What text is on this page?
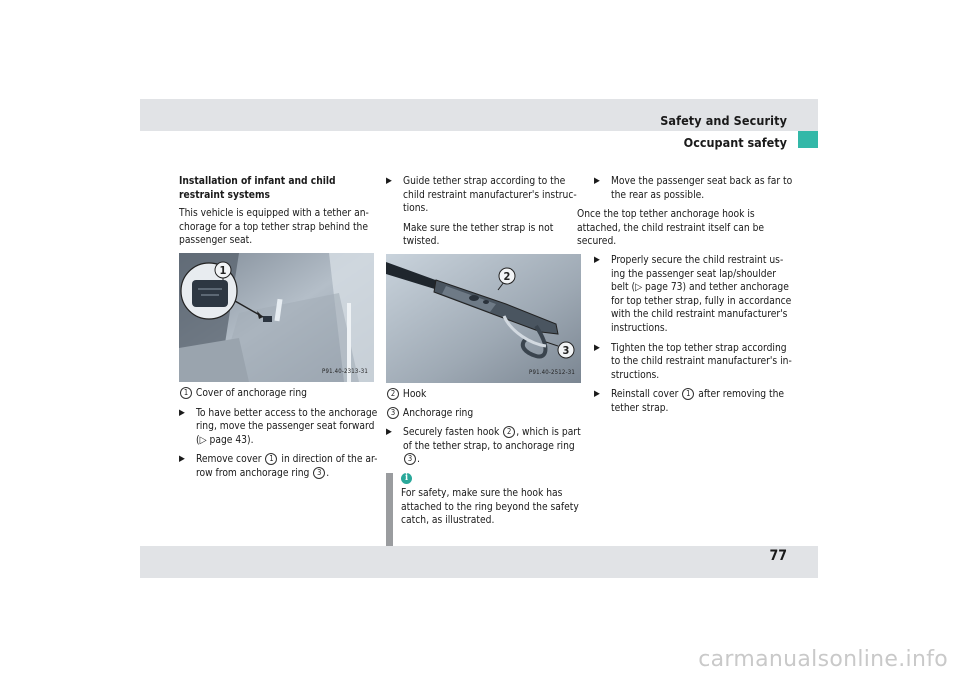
Safety and Security
Occupant safety

Installation of infant and child restraint systems

This vehicle is equipped with a tether an-chorage for a top tether strap behind the passenger seat.

1
P91.40-2313-31

1 Cover of anchorage ring

▶ To have better access to the anchorage ring, move the passenger seat forward (▷ page 43).
▶ Remove cover 1 in direction of the ar-row from anchorage ring 3 .
▶ Guide tether strap according to the child restraint manufacturer's instruc-tions.

Make sure the tether strap is not twisted.

2
3
P91.40-2512-31

2 Hook

3 Anchorage ring

▶ Securely fasten hook 2 , which is part of the tether strap, to anchorage ring 3 .
i

For safety, make sure the hook has attached to the ring beyond the safety catch, as illustrated.

▶ Move the passenger seat back as far to the rear as possible.

Once the top tether anchorage hook is attached, the child restraint itself can be secured.

▶ Properly secure the child restraint us-ing the passenger seat lap/shoulder belt (▷ page 73) and tether anchorage for top tether strap, fully in accordance with the child restraint manufacturer's instructions.
▶ Tighten the top tether strap according to the child restraint manufacturer's in-structions.
▶ Reinstall cover 1 after removing the tether strap.
77
carmanualsonline.info
